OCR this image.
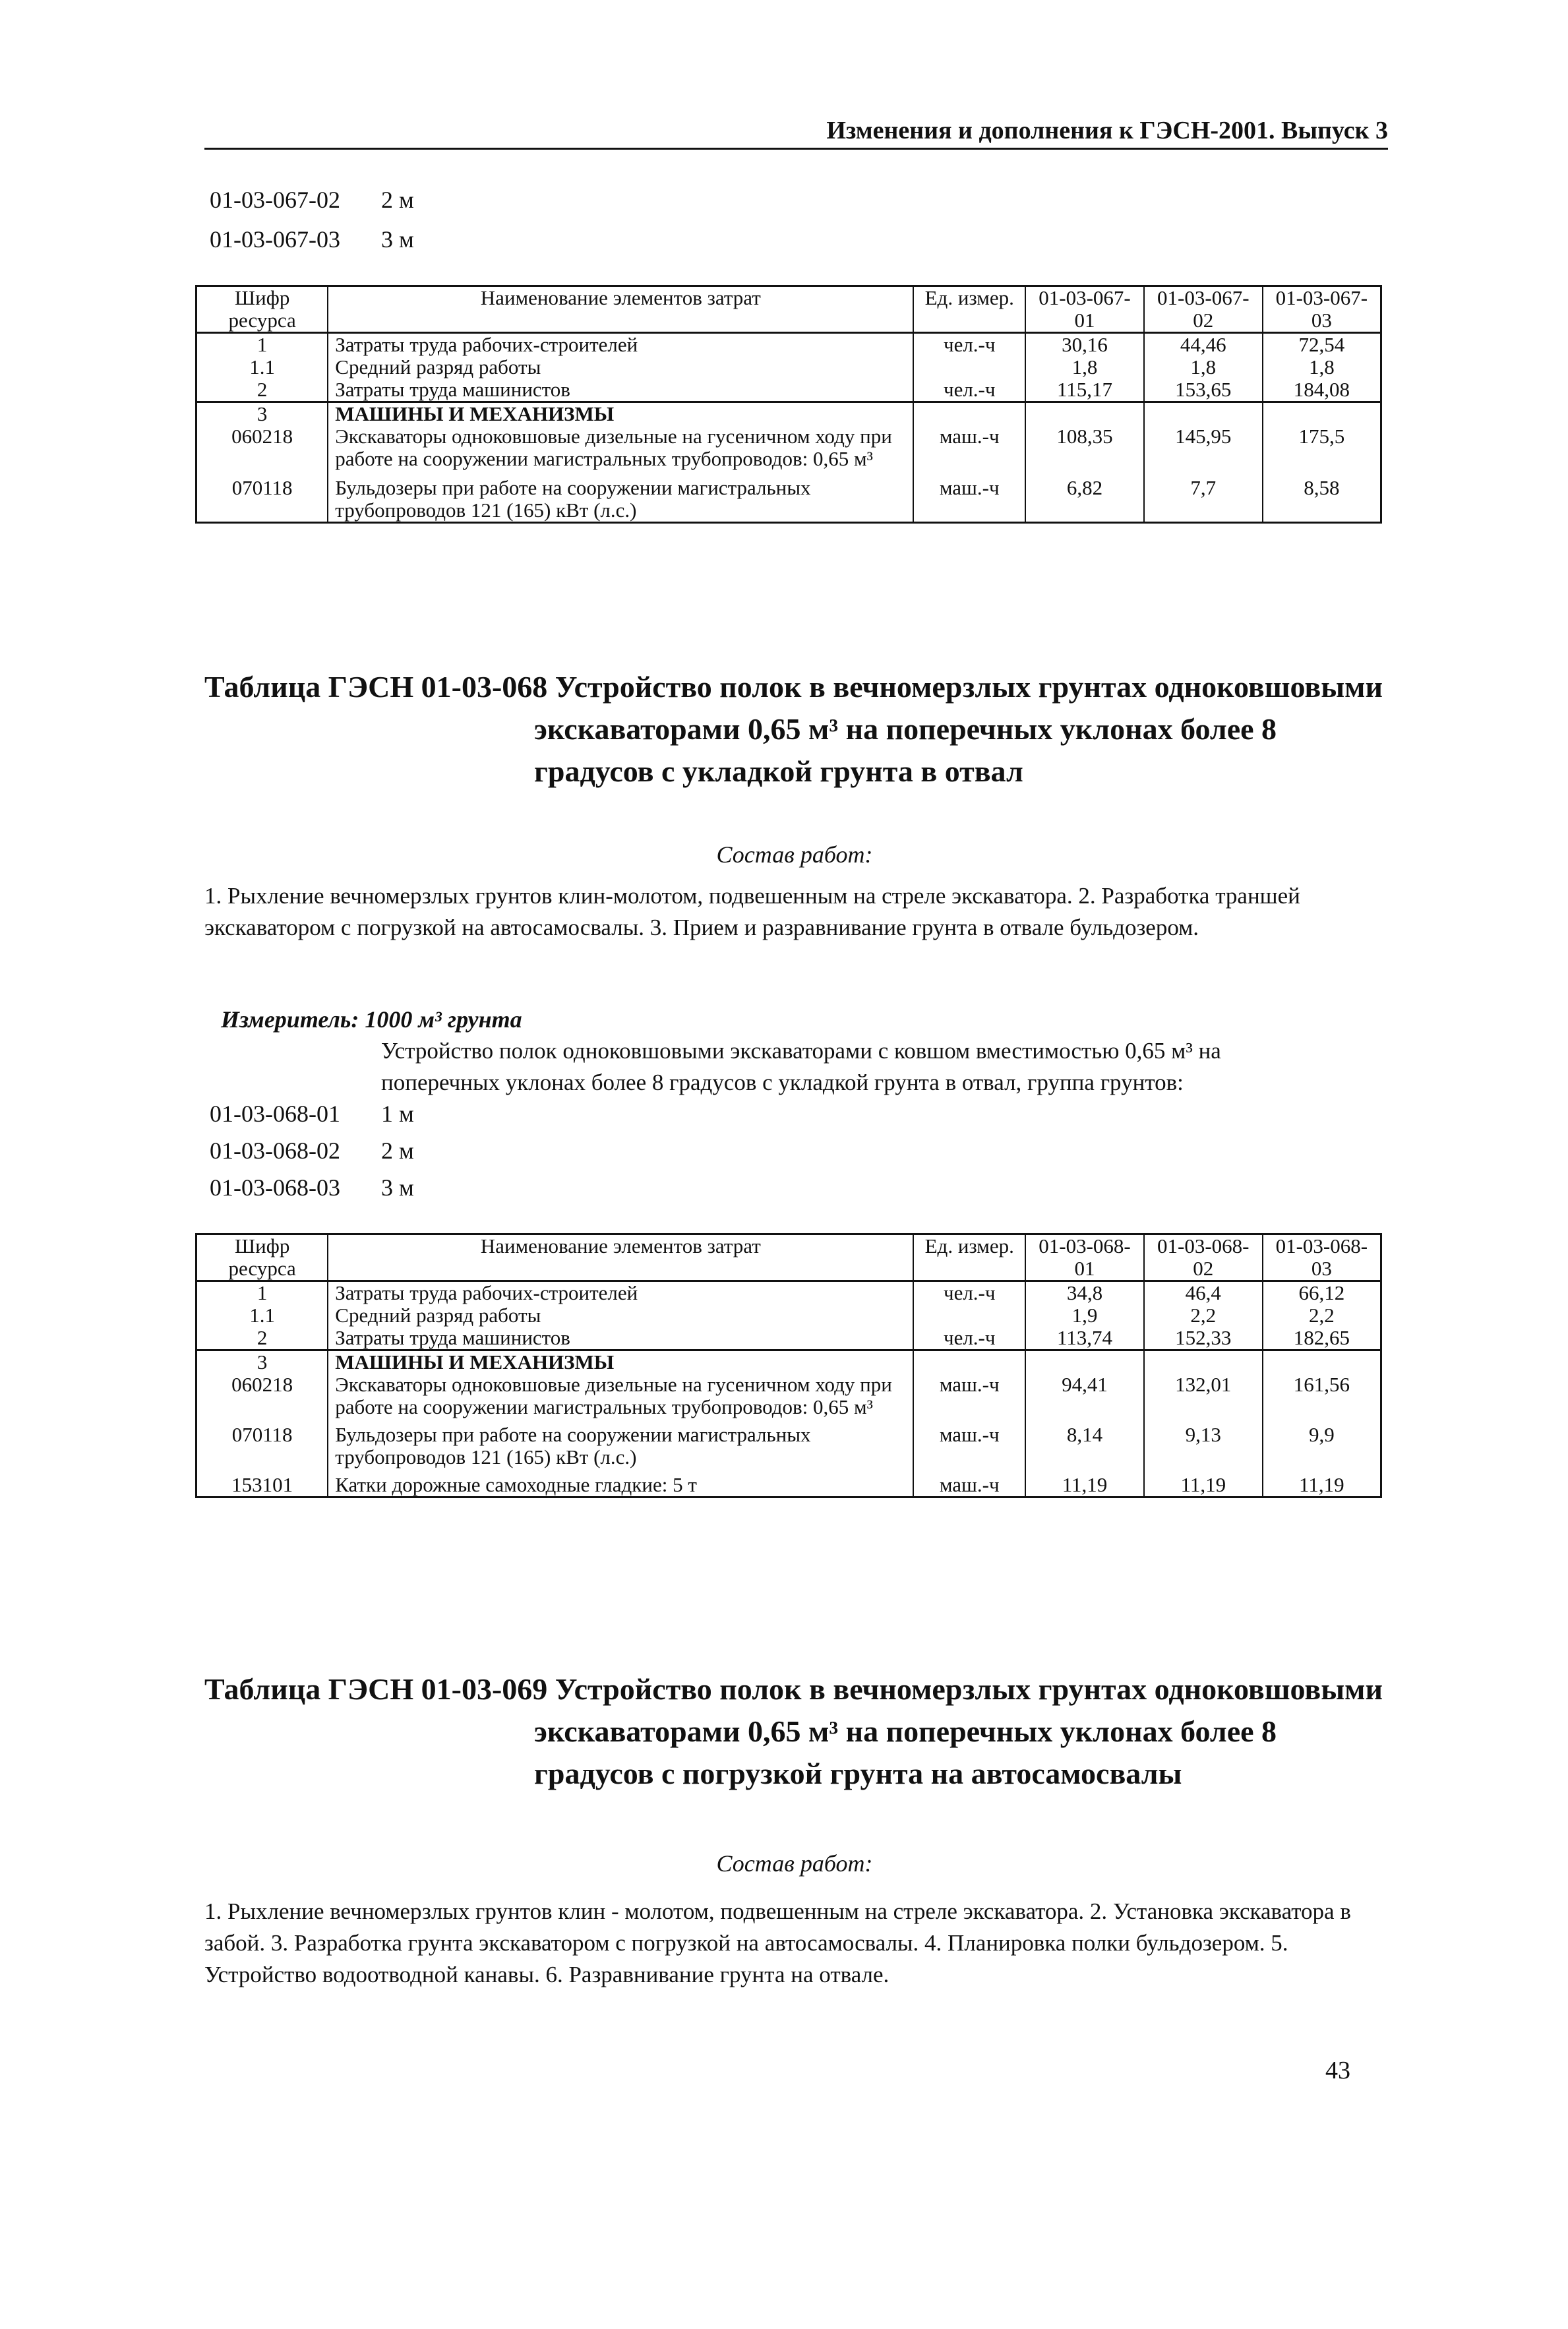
Изменения и дополнения к ГЭСН-2001. Выпуск 3
01-03-067-02	2 м
01-03-067-03	3 м
Шифр ресурса	Наименование элементов затрат	Ед. измер.	01-03-067-01	01-03-067-02	01-03-067-03
1	Затраты труда рабочих-строителей	чел.-ч	30,16	44,46	72,54
1.1	Средний разряд работы		1,8	1,8	1,8
2	Затраты труда машинистов	чел.-ч	115,17	153,65	184,08
3	МАШИНЫ И МЕХАНИЗМЫ				
060218	Экскаваторы одноковшовые дизельные на гусеничном ходу при работе на сооружении магистральных трубопроводов: 0,65 м³	маш.-ч	108,35	145,95	175,5
070118	Бульдозеры при работе на сооружении магистральных трубопроводов 121 (165) кВт (л.с.)	маш.-ч	6,82	7,7	8,58
Таблица ГЭСН 01-03-068 Устройство полок в вечномерзлых грунтах одноковшовыми
экскаваторами 0,65 м³ на поперечных уклонах более 8
градусов с укладкой грунта в отвал
Состав работ:
1. Рыхление вечномерзлых грунтов клин-молотом, подвешенным на стреле экскаватора. 2. Разработка траншей экскаватором с погрузкой на автосамосвалы. 3. Прием и разравнивание грунта в отвале бульдозером.
Измеритель: 1000 м³ грунта
Устройство полок одноковшовыми экскаваторами с ковшом вместимостью 0,65 м³ на поперечных уклонах более 8 градусов с укладкой грунта в отвал, группа грунтов:
01-03-068-01	1 м
01-03-068-02	2 м
01-03-068-03	3 м
Шифр ресурса	Наименование элементов затрат	Ед. измер.	01-03-068-01	01-03-068-02	01-03-068-03
1	Затраты труда рабочих-строителей	чел.-ч	34,8	46,4	66,12
1.1	Средний разряд работы		1,9	2,2	2,2
2	Затраты труда машинистов	чел.-ч	113,74	152,33	182,65
3	МАШИНЫ И МЕХАНИЗМЫ				
060218	Экскаваторы одноковшовые дизельные на гусеничном ходу при работе на сооружении магистральных трубопроводов: 0,65 м³	маш.-ч	94,41	132,01	161,56
070118	Бульдозеры при работе на сооружении магистральных трубопроводов 121 (165) кВт (л.с.)	маш.-ч	8,14	9,13	9,9
153101	Катки дорожные самоходные гладкие: 5 т	маш.-ч	11,19	11,19	11,19
Таблица ГЭСН 01-03-069 Устройство полок в вечномерзлых грунтах одноковшовыми
экскаваторами 0,65 м³ на поперечных уклонах более 8
градусов с погрузкой грунта на автосамосвалы
Состав работ:
1. Рыхление вечномерзлых грунтов клин - молотом, подвешенным на стреле экскаватора. 2. Установка экскаватора в забой. 3. Разработка грунта экскаватором с погрузкой на автосамосвалы. 4. Планировка полки бульдозером. 5. Устройство водоотводной канавы. 6. Разравнивание грунта на отвале.
43
